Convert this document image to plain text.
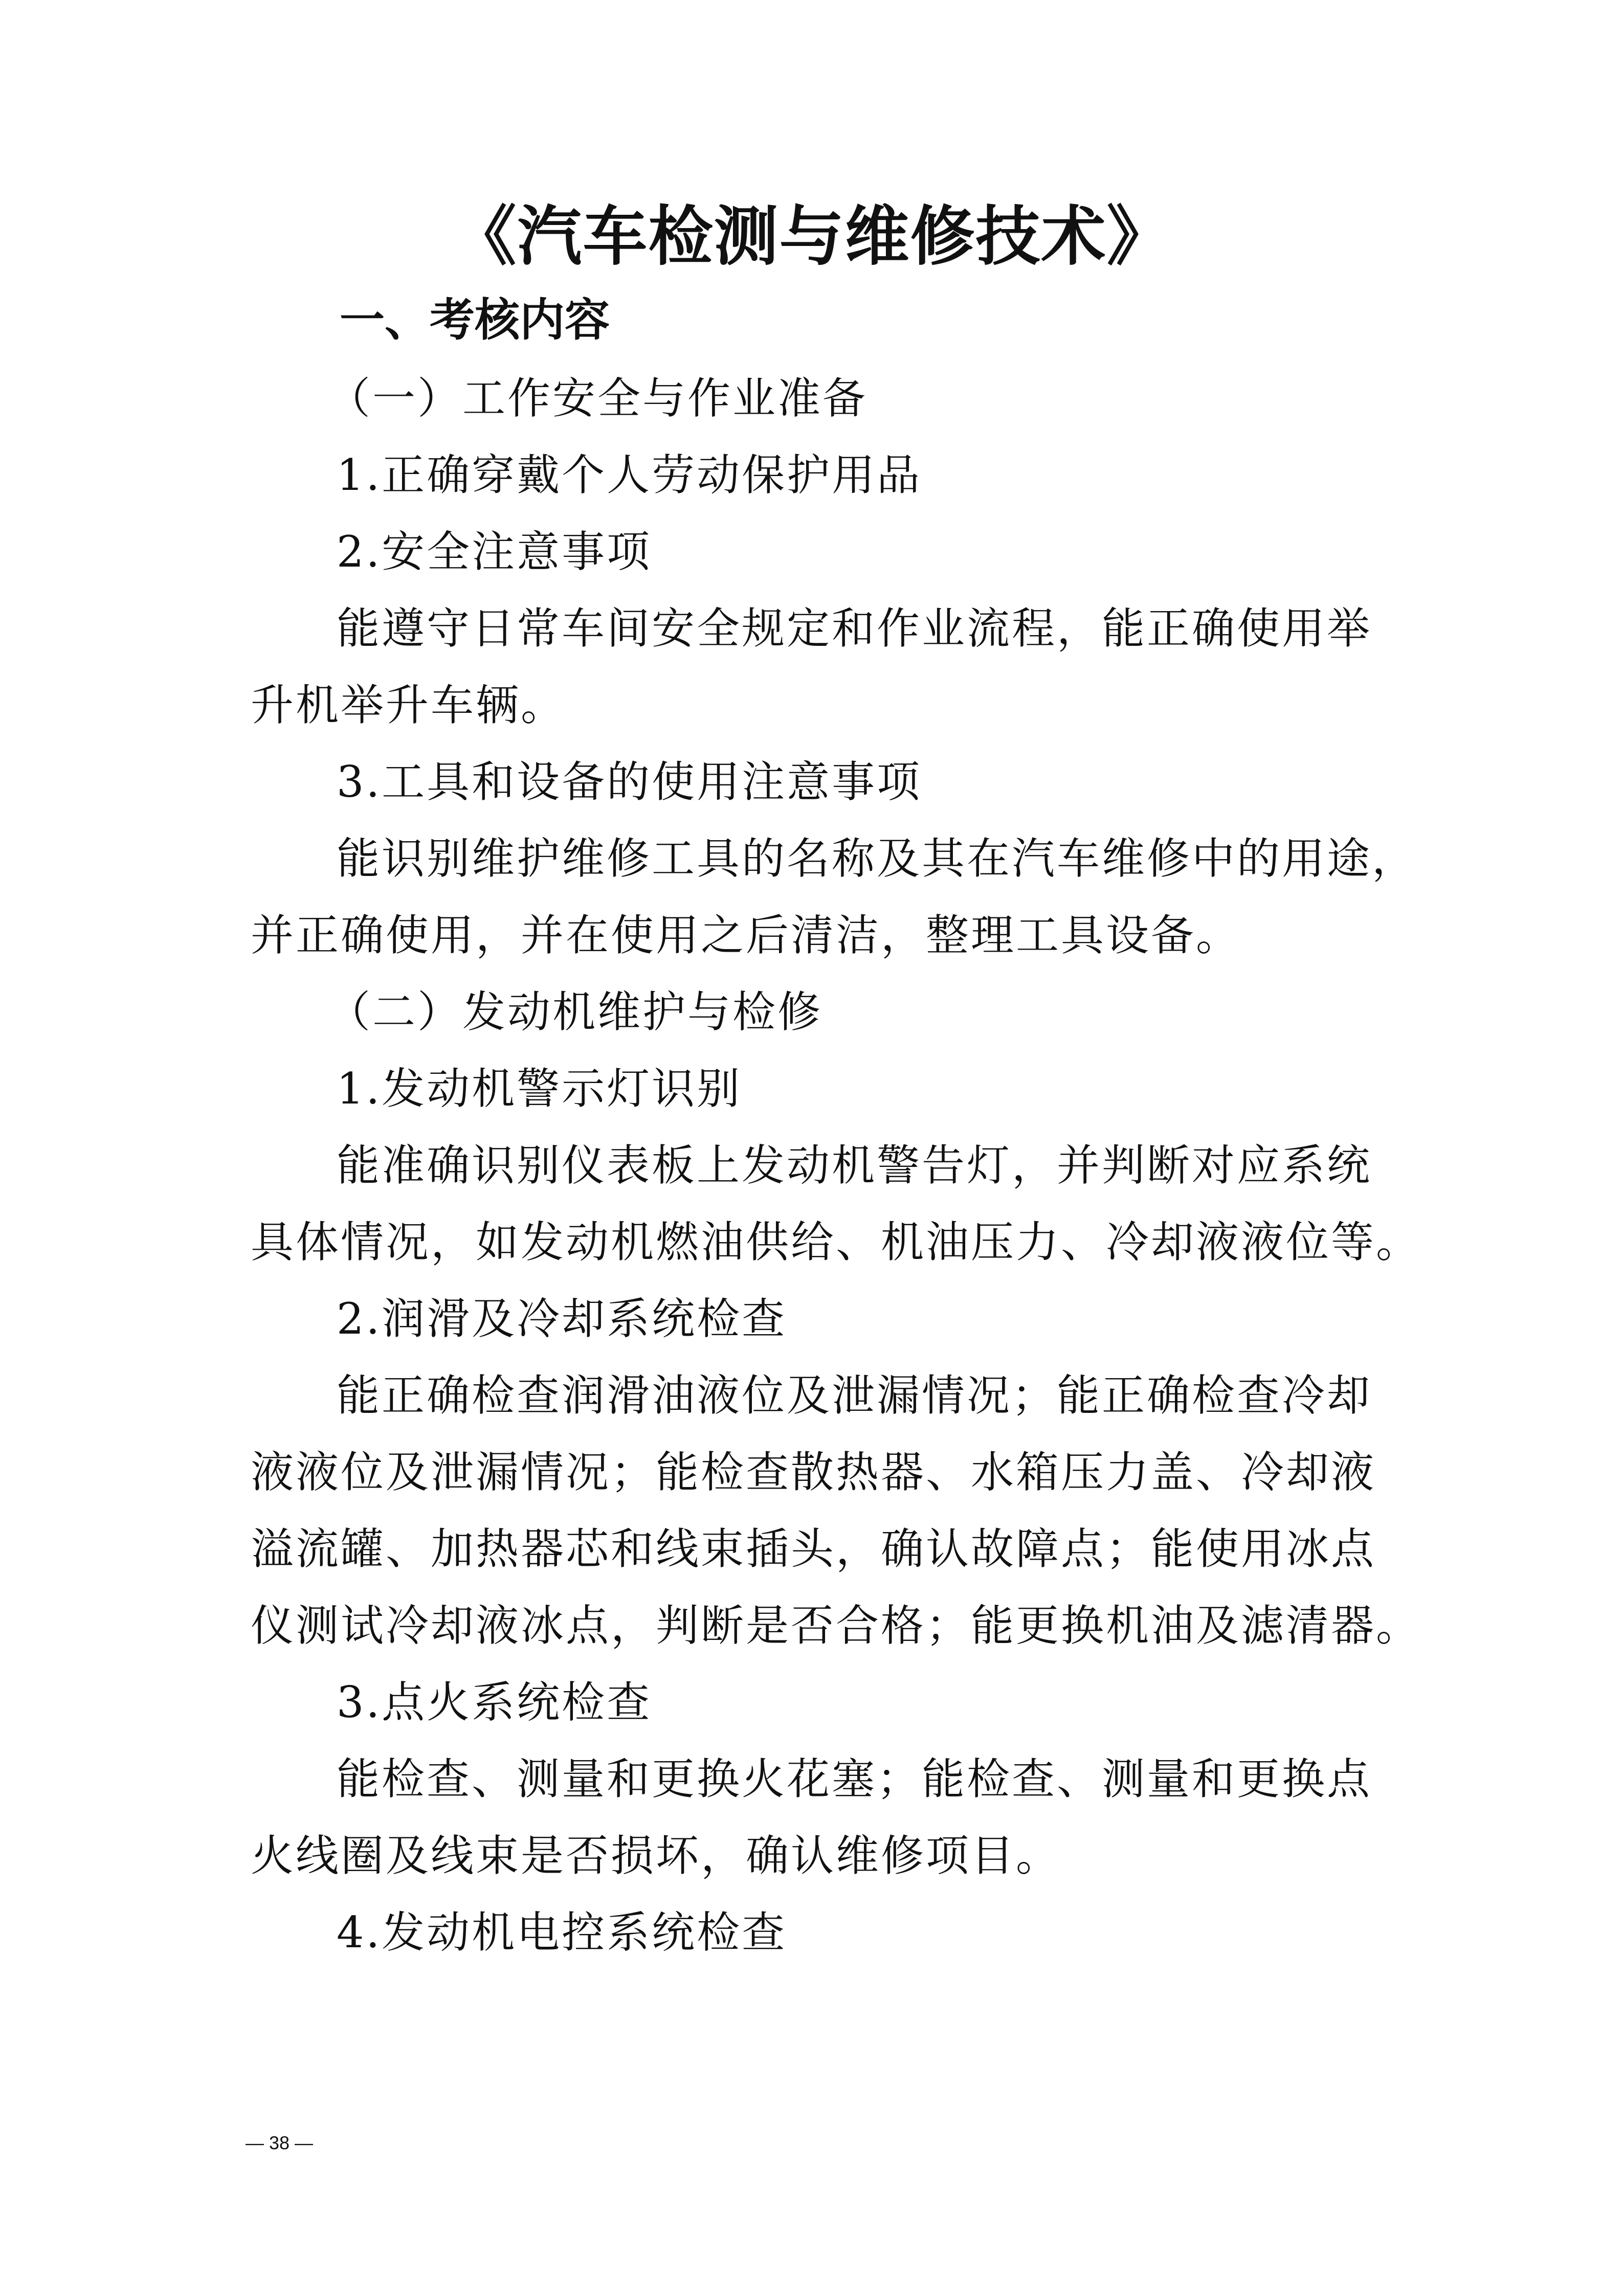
《汽车检测与维修技术》
一、考核内容
（一）工作安全与作业准备
1.正确穿戴个人劳动保护用品
2.安全注意事项
能遵守日常车间安全规定和作业流程，能正确使用举
升机举升车辆。
3.工具和设备的使用注意事项
能识别维护维修工具的名称及其在汽车维修中的用途，
并正确使用，并在使用之后清洁，整理工具设备。
（二）发动机维护与检修
1.发动机警示灯识别
能准确识别仪表板上发动机警告灯，并判断对应系统
具体情况，如发动机燃油供给、机油压力、冷却液液位等。
2.润滑及冷却系统检查
能正确检查润滑油液位及泄漏情况；能正确检查冷却
液液位及泄漏情况；能检查散热器、水箱压力盖、冷却液
溢流罐、加热器芯和线束插头，确认故障点；能使用冰点
仪测试冷却液冰点，判断是否合格；能更换机油及滤清器。
3.点火系统检查
能检查、测量和更换火花塞；能检查、测量和更换点
火线圈及线束是否损坏，确认维修项目。
4.发动机电控系统检查
— 38 —
